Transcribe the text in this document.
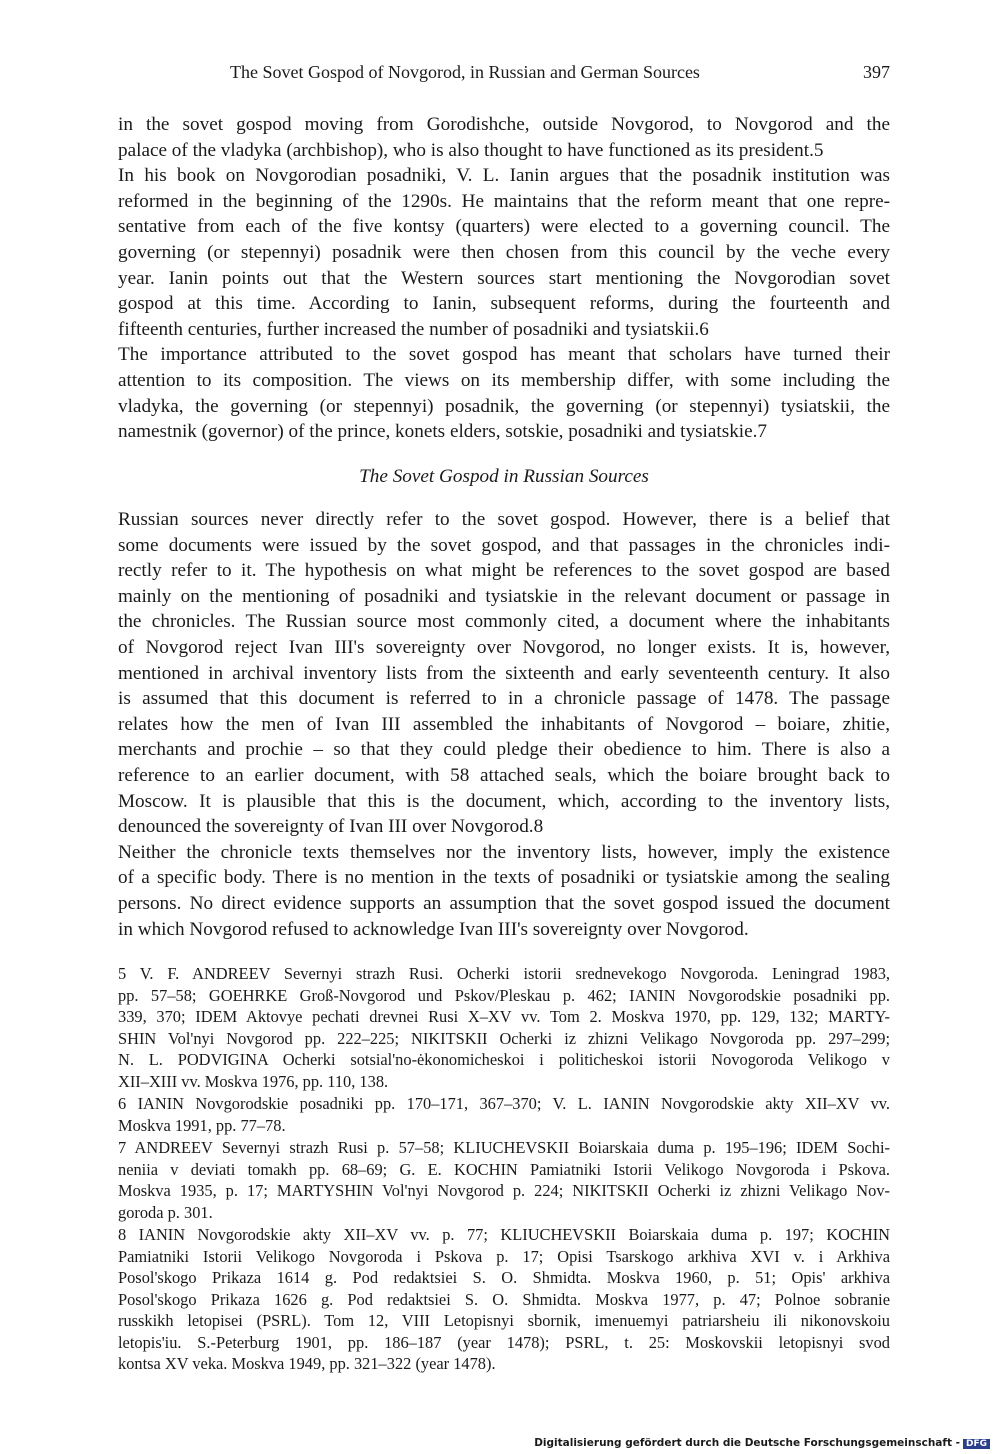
The Sovet Gospod of Novgorod, in Russian and German Sources	397
in the sovet gospod moving from Gorodishche, outside Novgorod, to Novgorod and the
palace of the vladyka (archbishop), who is also thought to have functioned as its president.5
In his book on Novgorodian posadniki, V. L. Ianin argues that the posadnik institution was
reformed in the beginning of the 1290s. He maintains that the reform meant that one repre-
sentative from each of the five kontsy (quarters) were elected to a governing council. The
governing (or stepennyi) posadnik were then chosen from this council by the veche every
year. Ianin points out that the Western sources start mentioning the Novgorodian sovet
gospod at this time. According to Ianin, subsequent reforms, during the fourteenth and
fifteenth centuries, further increased the number of posadniki and tysiatskii.6
The importance attributed to the sovet gospod has meant that scholars have turned their
attention to its composition. The views on its membership differ, with some including the
vladyka, the governing (or stepennyi) posadnik, the governing (or stepennyi) tysiatskii, the
namestnik (governor) of the prince, konets elders, sotskie, posadniki and tysiatskie.7
The Sovet Gospod in Russian Sources
Russian sources never directly refer to the sovet gospod. However, there is a belief that
some documents were issued by the sovet gospod, and that passages in the chronicles indi-
rectly refer to it. The hypothesis on what might be references to the sovet gospod are based
mainly on the mentioning of posadniki and tysiatskie in the relevant document or passage in
the chronicles. The Russian source most commonly cited, a document where the inhabitants
of Novgorod reject Ivan III's sovereignty over Novgorod, no longer exists. It is, however,
mentioned in archival inventory lists from the sixteenth and early seventeenth century. It also
is assumed that this document is referred to in a chronicle passage of 1478. The passage
relates how the men of Ivan III assembled the inhabitants of Novgorod – boiare, zhitie,
merchants and prochie – so that they could pledge their obedience to him. There is also a
reference to an earlier document, with 58 attached seals, which the boiare brought back to
Moscow. It is plausible that this is the document, which, according to the inventory lists,
denounced the sovereignty of Ivan III over Novgorod.8
Neither the chronicle texts themselves nor the inventory lists, however, imply the existence
of a specific body. There is no mention in the texts of posadniki or tysiatskie among the sealing
persons. No direct evidence supports an assumption that the sovet gospod issued the document
in which Novgorod refused to acknowledge Ivan III's sovereignty over Novgorod.
5 V. F. ANDREEV Severnyi strazh Rusi. Ocherki istorii srednevekogo Novgoroda. Leningrad 1983,
pp. 57–58; GOEHRKE Groß-Novgorod und Pskov/Pleskau p. 462; IANIN Novgorodskie posadniki pp.
339, 370; IDEM Aktovye pechati drevnei Rusi X–XV vv. Tom 2. Moskva 1970, pp. 129, 132; MARTY-
SHIN Vol'nyi Novgorod pp. 222–225; NIKITSKII Ocherki iz zhizni Velikago Novgoroda pp. 297–299;
N. L. PODVIGINA Ocherki sotsial'no-ėkonomicheskoi i politicheskoi istorii Novogoroda Velikogo v
XII–XIII vv. Moskva 1976, pp. 110, 138.
6 IANIN Novgorodskie posadniki pp. 170–171, 367–370; V. L. IANIN Novgorodskie akty XII–XV vv.
Moskva 1991, pp. 77–78.
7 ANDREEV Severnyi strazh Rusi p. 57–58; KLIUCHEVSKII Boiarskaia duma p. 195–196; IDEM Sochi-
neniia v deviati tomakh pp. 68–69; G. E. KOCHIN Pamiatniki Istorii Velikogo Novgoroda i Pskova.
Moskva 1935, p. 17; MARTYSHIN Vol'nyi Novgorod p. 224; NIKITSKII Ocherki iz zhizni Velikago Nov-
goroda p. 301.
8 IANIN Novgorodskie akty XII–XV vv. p. 77; KLIUCHEVSKII Boiarskaia duma p. 197; KOCHIN
Pamiatniki Istorii Velikogo Novgoroda i Pskova p. 17; Opisi Tsarskogo arkhiva XVI v. i Arkhiva
Posol'skogo Prikaza 1614 g. Pod redaktsiei S. O. Shmidta. Moskva 1960, p. 51; Opis' arkhiva
Posol'skogo Prikaza 1626 g. Pod redaktsiei S. O. Shmidta. Moskva 1977, p. 47; Polnoe sobranie
russkikh letopisei (PSRL). Tom 12, VIII Letopisnyi sbornik, imenuemyi patriarsheiu ili nikonovskoiu
letopis'iu. S.-Peterburg 1901, pp. 186–187 (year 1478); PSRL, t. 25: Moskovskii letopisnyi svod
kontsa XV veka. Moskva 1949, pp. 321–322 (year 1478).
Digitalisierung gefördert durch die Deutsche Forschungsgemeinschaft - DFG
